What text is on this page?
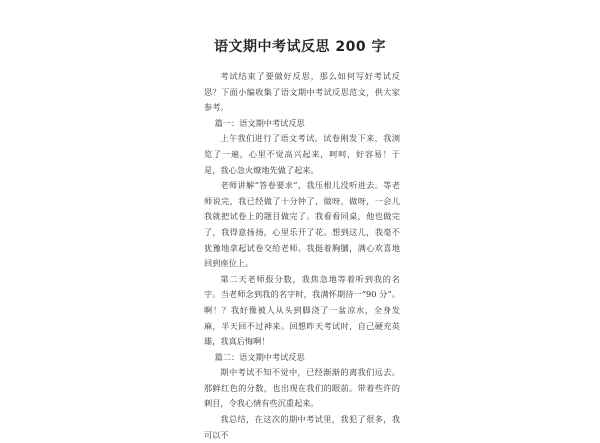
语文期中考试反思 200 字

考试结束了要做好反思，那么如何写好考试反思？下面小编收集了语文期中考试反思范文，供大家参考。

篇一：语文期中考试反思

上午我们进行了语文考试。试卷刚发下来，我浏览了一遍，心里不觉高兴起来，呵呵，好容易！于是，我心急火燎地先做了起来。

老师讲解“答卷要求”，我压根儿没听进去。等老师说完，我已经做了十分钟了，做呀，做呀，一会儿我就把试卷上的题目做完了。我看看同桌，他也做完了，我得意扬扬，心里乐开了花。想到这儿，我毫不犹豫地拿起试卷交给老师。我挺着胸脯，满心欢喜地回到座位上。

第二天老师报分数，我焦急地等着听到我的名字。当老师念到我的名字时，我满怀期待一“90 分”。啊！？我好像被人从头到脚浇了一盆凉水，全身发麻，半天回不过神来。回想昨天考试时，自己硬充英雄，我真后悔啊！

篇二：语文期中考试反思

期中考试不知不觉中，已经渐渐的离我们远去。那鲜红色的分数，也出现在我们的眼前。带着些许的刺目，令我心情有些沉重起来。

我总结，在这次的期中考试里，我犯了很多，我可以不
